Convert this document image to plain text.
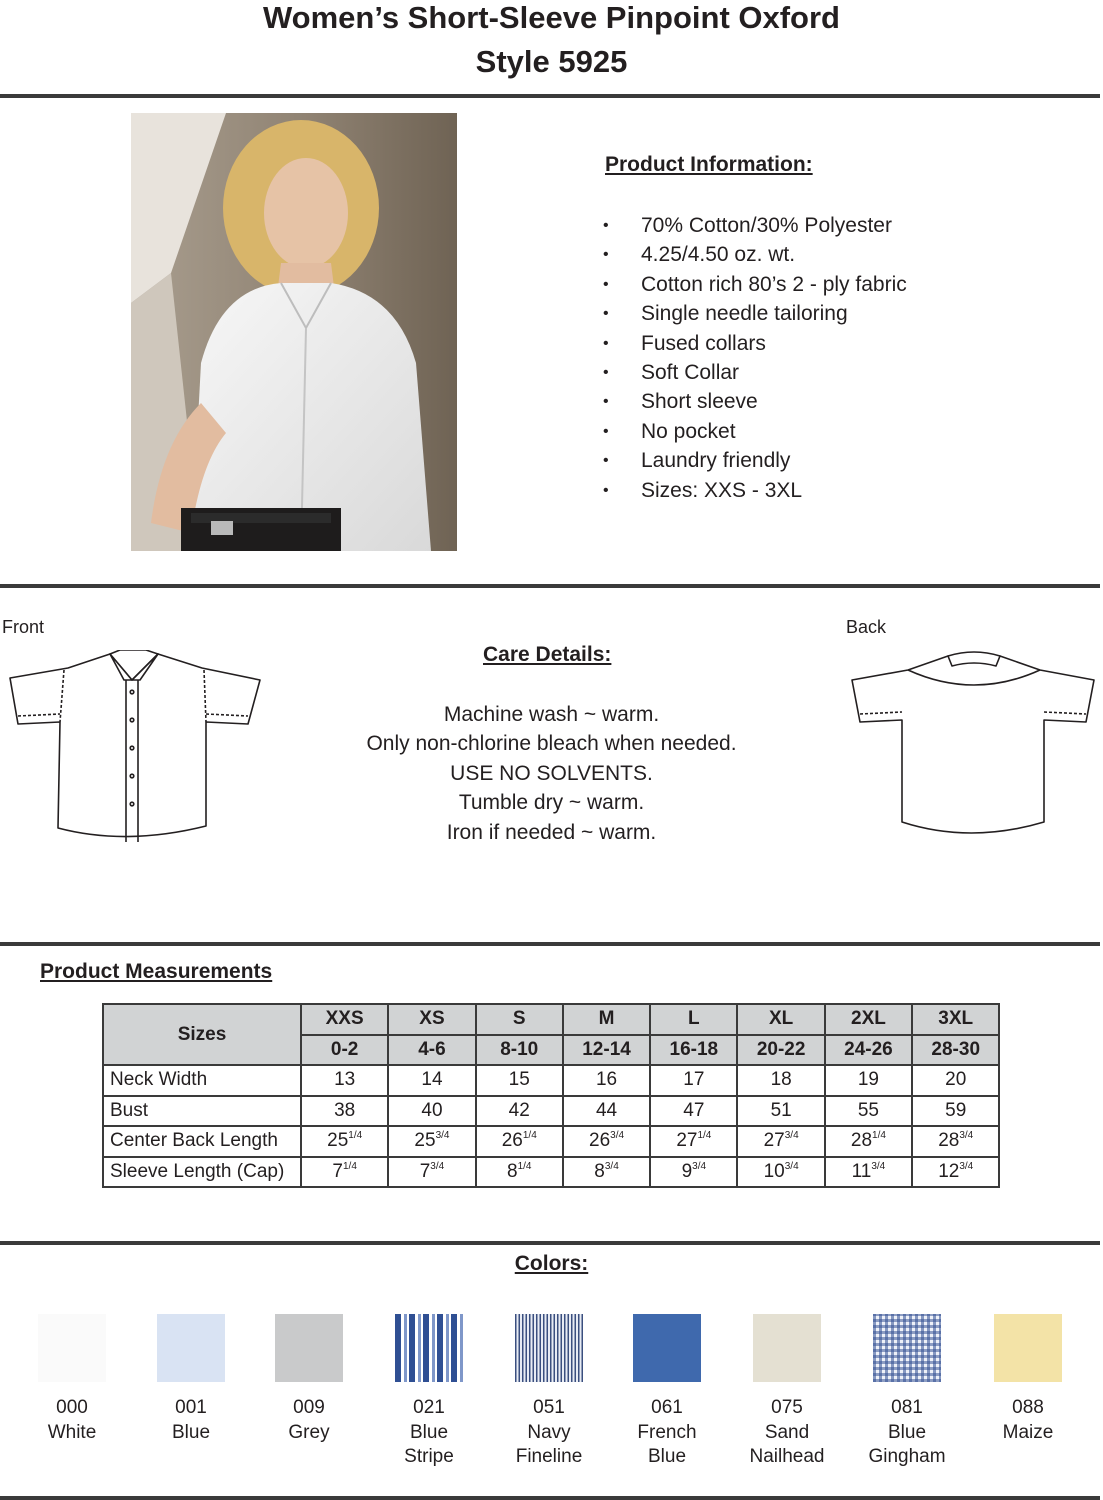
Women’s Short-Sleeve Pinpoint Oxford
Style 5925
Product Information:
• 70% Cotton/30% Polyester
• 4.25/4.50 oz. wt.
• Cotton rich 80’s 2 - ply fabric
• Single needle tailoring
• Fused collars
• Soft Collar
• Short sleeve
• No pocket
• Laundry friendly
• Sizes: XXS - 3XL
Front	Back
Care Details:
Machine wash ~ warm.
Only non-chlorine bleach when needed.
USE NO SOLVENTS.
Tumble dry ~ warm.
Iron if needed ~ warm.
Product Measurements
Sizes	XXS	XS	S	M	L	XL	2XL	3XL
	0-2	4-6	8-10	12-14	16-18	20-22	24-26	28-30
Neck Width	13	14	15	16	17	18	19	20
Bust	38	40	42	44	47	51	55	59
Center Back Length	$25^{1/4}$	$25^{3/4}$	$26^{1/4}$	$26^{3/4}$	$27^{1/4}$	$27^{3/4}$	$28^{1/4}$	$28^{3/4}$
Sleeve Length (Cap)	$7^{1/4}$	$7^{3/4}$	$8^{1/4}$	$8^{3/4}$	$9^{3/4}$	$10^{3/4}$	$11^{3/4}$	$12^{3/4}$
Colors:
000
White
001
Blue
009
Grey
021
Blue
Stripe
051
Navy
Fineline
061
French
Blue
075
Sand
Nailhead
081
Blue
Gingham
088
Maize
